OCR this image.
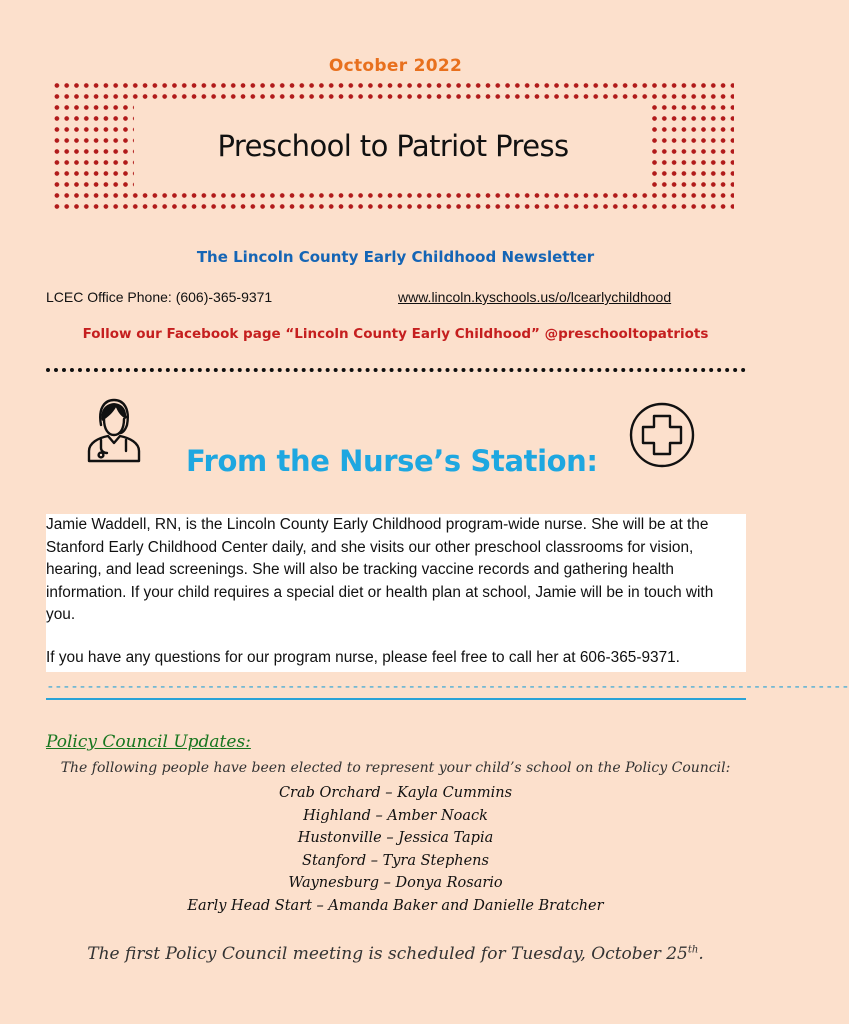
October 2022
Preschool to Patriot Press
The Lincoln County Early Childhood Newsletter
LCEC Office Phone: (606)-365-9371	www.lincoln.kyschools.us/o/lcearlychildhood
Follow our Facebook page “Lincoln County Early Childhood” @preschooltopatriots
From the Nurse’s Station:

Jamie Waddell, RN, is the Lincoln County Early Childhood program-wide nurse. She will be at the Stanford Early Childhood Center daily, and she visits our other preschool classrooms for vision, hearing, and lead screenings. She will also be tracking vaccine records and gathering health information. If your child requires a special diet or health plan at school, Jamie will be in touch with you.

If you have any questions for our program nurse, please feel free to call her at 606-365-9371.

----------------------------------------------------------------------------------------------------
Policy Council Updates:
The following people have been elected to represent your child’s school on the Policy Council:
Crab Orchard – Kayla Cummins
Highland – Amber Noack
Hustonville – Jessica Tapia
Stanford – Tyra Stephens
Waynesburg – Donya Rosario
Early Head Start – Amanda Baker and Danielle Bratcher
The first Policy Council meeting is scheduled for Tuesday, October 25th.
